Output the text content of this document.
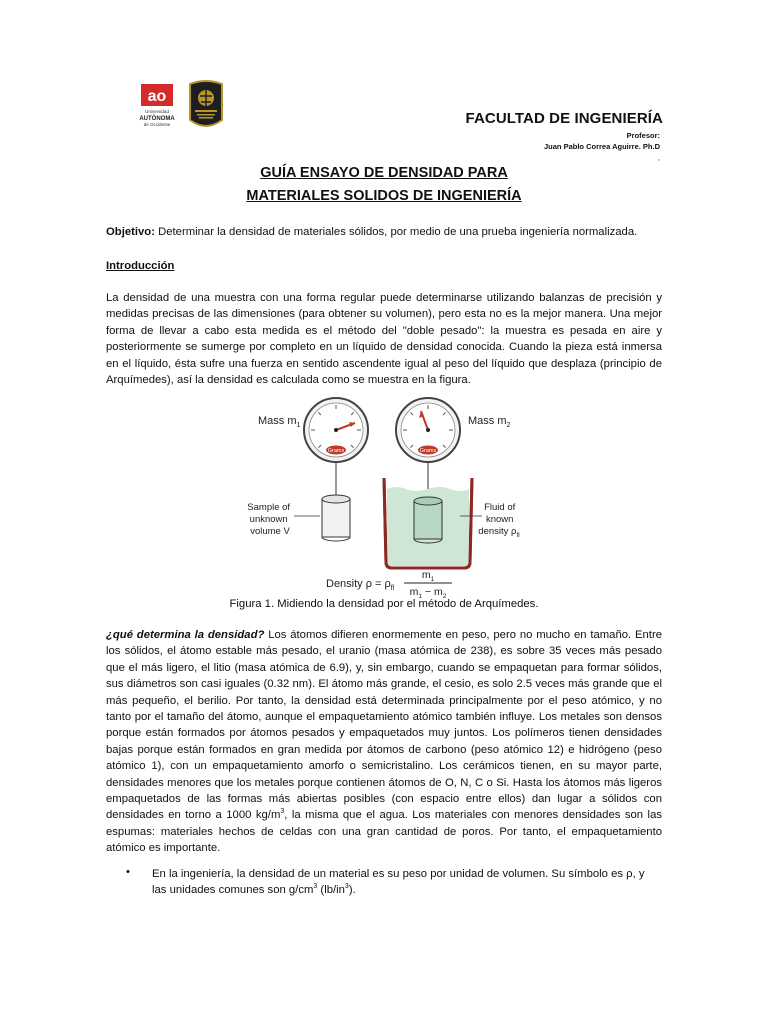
ao
Universidad
AUTÓNOMA
de Occidente	FACULTAD DE INGENIERÍA
Profesor:
Juan Pablo Correa Aguirre. Ph.D
,
GUÍA ENSAYO DE DENSIDAD PARA
MATERIALES SOLIDOS DE INGENIERÍA
Objetivo: Determinar la densidad de materiales sólidos, por medio de una prueba ingeniería normalizada.
Introducción
La densidad de una muestra con una forma regular puede determinarse utilizando balanzas de precisión y medidas precisas de las dimensiones (para obtener su volumen), pero esta no es la mejor manera. Una mejor forma de llevar a cabo esta medida es el método del "doble pesado": la muestra es pesada en aire y posteriormente se sumerge por completo en un líquido de densidad conocida. Cuando la pieza está inmersa en el líquido, ésta sufre una fuerza en sentido ascendente igual al peso del líquido que desplaza (principio de Arquímedes), así la densidad es calculada como se muestra en la figura.
Mass $m_1$
Grams
Sample of unknown volume V
Mass $m_2$
Grams
Fluid of known density $\rho_{fl}$
Density $\rho = \rho_{fl}$
$m_1$
$m_1 - m_2$
Figura 1. Midiendo la densidad por el método de Arquímedes.
¿qué determina la densidad? Los átomos difieren enormemente en peso, pero no mucho en tamaño. Entre los sólidos, el átomo estable más pesado, el uranio (masa atómica de 238), es sobre 35 veces más pesado que el más ligero, el litio (masa atómica de 6.9), y, sin embargo, cuando se empaquetan para formar sólidos, sus diámetros son casi iguales (0.32 nm). El átomo más grande, el cesio, es solo 2.5 veces más grande que el más pequeño, el berilio. Por tanto, la densidad está determinada principalmente por el peso atómico, y no tanto por el tamaño del átomo, aunque el empaquetamiento atómico también influye. Los metales son densos porque están formados por átomos pesados y empaquetados muy juntos. Los polímeros tienen densidades bajas porque están formados en gran medida por átomos de carbono (peso atómico 12) e hidrógeno (peso atómico 1), con un empaquetamiento amorfo o semicristalino. Los cerámicos tienen, en su mayor parte, densidades menores que los metales porque contienen átomos de O, N, C o Si. Hasta los átomos más ligeros empaquetados de las formas más abiertas posibles (con espacio entre ellos) dan lugar a sólidos con densidades en torno a 1000 $kg/m^3$, la misma que el agua. Los materiales con menores densidades son las espumas: materiales hechos de celdas con una gran cantidad de poros. Por tanto, el empaquetamiento atómico es importante.
• En la ingeniería, la densidad de un material es su peso por unidad de volumen. Su símbolo es ρ, y las unidades comunes son $g/cm^3$ $(lb/in^3)$.
